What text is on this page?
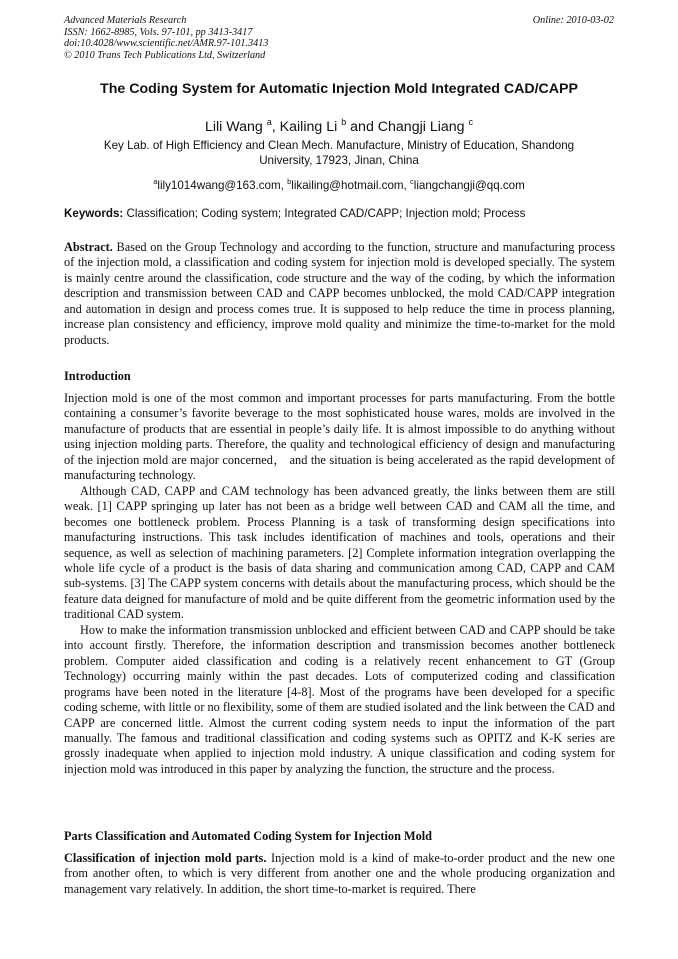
Advanced Materials Research
ISSN: 1662-8985, Vols. 97-101, pp 3413-3417
doi:10.4028/www.scientific.net/AMR.97-101.3413
© 2010 Trans Tech Publications Ltd, Switzerland
Online: 2010-03-02
The Coding System for Automatic Injection Mold Integrated CAD/CAPP
Lili Wang $^a$, Kailing Li $^b$ and Changji Liang $^c$
Key Lab. of High Efficiency and Clean Mech. Manufacture, Ministry of Education, Shandong University, 17923, Jinan, China
$^a$lily1014wang@163.com, $^b$likailing@hotmail.com, $^c$liangchangji@qq.com
Keywords: Classification; Coding system; Integrated CAD/CAPP; Injection mold; Process

Abstract. Based on the Group Technology and according to the function, structure and manufacturing process of the injection mold, a classification and coding system for injection mold is developed specially. The system is mainly centre around the classification, code structure and the way of the coding, by which the information description and transmission between CAD and CAPP becomes unblocked, the mold CAD/CAPP integration and automation in design and process comes true. It is supposed to help reduce the time in process planning, increase plan consistency and efficiency, improve mold quality and minimize the time-to-market for the mold products.

Introduction

Injection mold is one of the most common and important processes for parts manufacturing. From the bottle containing a consumer’s favorite beverage to the most sophisticated house wares, molds are involved in the manufacture of products that are essential in people’s daily life. It is almost impossible to do anything without using injection molding parts. Therefore, the quality and technological efficiency of design and manufacturing of the injection mold are major concerned， and the situation is being accelerated as the rapid development of manufacturing technology.

Although CAD, CAPP and CAM technology has been advanced greatly, the links between them are still weak. [1] CAPP springing up later has not been as a bridge well between CAD and CAM all the time, and becomes one bottleneck problem. Process Planning is a task of transforming design specifications into manufacturing instructions. This task includes identification of machines and tools, operations and their sequence, as well as selection of machining parameters. [2] Complete information integration overlapping the whole life cycle of a product is the basis of data sharing and communication among CAD, CAPP and CAM sub-systems. [3] The CAPP system concerns with details about the manufacturing process, which should be the feature data deigned for manufacture of mold and be quite different from the geometric information used by the traditional CAD system.

How to make the information transmission unblocked and efficient between CAD and CAPP should be take into account firstly. Therefore, the information description and transmission becomes another bottleneck problem. Computer aided classification and coding is a relatively recent enhancement to GT (Group Technology) occurring mainly within the past decades. Lots of computerized coding and classification programs have been noted in the literature [4-8]. Most of the programs have been developed for a specific coding scheme, with little or no flexibility, some of them are studied isolated and the link between the CAD and CAPP are concerned little. Almost the current coding system needs to input the information of the part manually. The famous and traditional classification and coding systems such as OPITZ and K-K series are grossly inadequate when applied to injection mold industry. A unique classification and coding system for injection mold was introduced in this paper by analyzing the function, the structure and the process.

Parts Classification and Automated Coding System for Injection Mold

Classification of injection mold parts. Injection mold is a kind of make-to-order product and the new one from another often, to which is very different from another one and the whole producing organization and management vary relatively. In addition, the short time-to-market is required. There
